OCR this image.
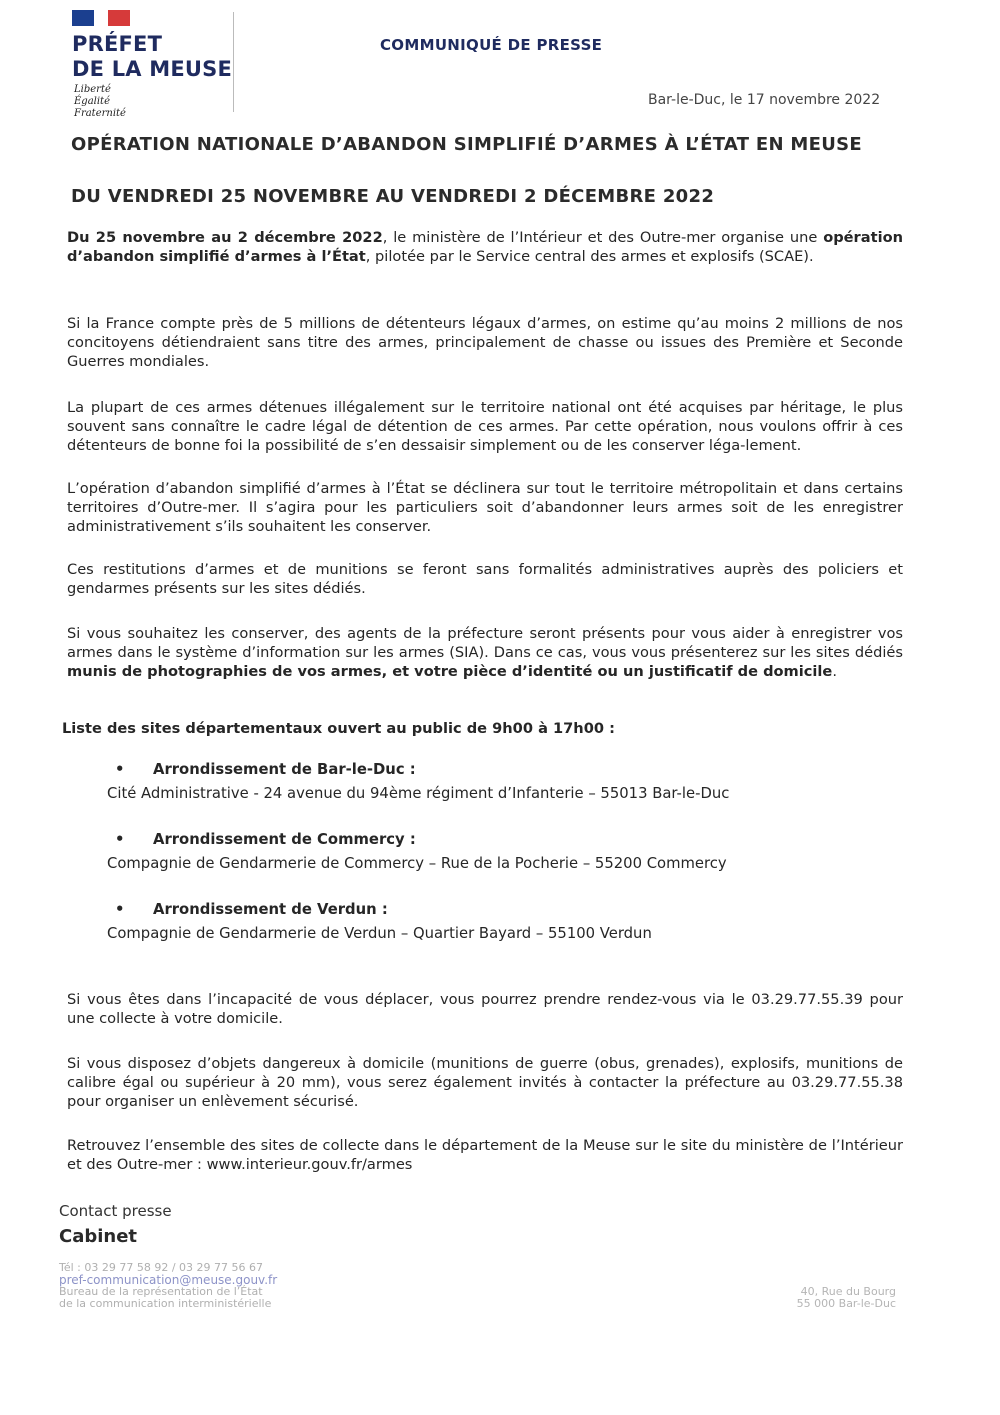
PRÉFET
DE LA MEUSE
Liberté
Égalité
Fraternité
COMMUNIQUÉ DE PRESSE
Bar-le-Duc, le 17 novembre 2022
OPÉRATION NATIONALE D’ABANDON SIMPLIFIÉ D’ARMES À L’ÉTAT EN MEUSE
DU VENDREDI 25 NOVEMBRE AU VENDREDI 2 DÉCEMBRE 2022
Du 25 novembre au 2 décembre 2022, le ministère de l’Intérieur et des Outre-mer organise une opération d’abandon simplifié d’armes à l’État, pilotée par le Service central des armes et explosifs (SCAE).
Si la France compte près de 5 millions de détenteurs légaux d’armes, on estime qu’au moins 2 millions de nos concitoyens détiendraient sans titre des armes, principalement de chasse ou issues des Première et Seconde Guerres mondiales.
La plupart de ces armes détenues illégalement sur le territoire national ont été acquises par héritage, le plus souvent sans connaître le cadre légal de détention de ces armes. Par cette opération, nous voulons offrir à ces détenteurs de bonne foi la possibilité de s’en dessaisir simplement ou de les conserver léga-lement.
L’opération d’abandon simplifié d’armes à l’État se déclinera sur tout le territoire métropolitain et dans certains territoires d’Outre-mer. Il s’agira pour les particuliers soit d’abandonner leurs armes soit de les enregistrer administrativement s’ils souhaitent les conserver.
Ces restitutions d’armes et de munitions se feront sans formalités administratives auprès des policiers et gendarmes présents sur les sites dédiés.
Si vous souhaitez les conserver, des agents de la préfecture seront présents pour vous aider à enregistrer vos armes dans le système d’information sur les armes (SIA). Dans ce cas, vous vous présenterez sur les sites dédiés munis de photographies de vos armes, et votre pièce d’identité ou un justificatif de domicile.
Liste des sites départementaux ouvert au public de 9h00 à 17h00 :
• Arrondissement de Bar-le-Duc :
Cité Administrative - 24 avenue du 94ème régiment d’Infanterie – 55013 Bar-le-Duc
• Arrondissement de Commercy :
Compagnie de Gendarmerie de Commercy – Rue de la Pocherie – 55200 Commercy
• Arrondissement de Verdun :
Compagnie de Gendarmerie de Verdun – Quartier Bayard – 55100 Verdun
Si vous êtes dans l’incapacité de vous déplacer, vous pourrez prendre rendez-vous via le 03.29.77.55.39 pour une collecte à votre domicile.
Si vous disposez d’objets dangereux à domicile (munitions de guerre (obus, grenades), explosifs, munitions de calibre égal ou supérieur à 20 mm), vous serez également invités à contacter la préfecture au 03.29.77.55.38 pour organiser un enlèvement sécurisé.
Retrouvez l’ensemble des sites de collecte dans le département de la Meuse sur le site du ministère de l’Intérieur et des Outre-mer : www.interieur.gouv.fr/armes
Contact presse
Cabinet
Tél : 03 29 77 58 92 / 03 29 77 56 67
pref-communication@meuse.gouv.fr
Bureau de la représentation de l’État
de la communication interministérielle
40, Rue du Bourg
55 000 Bar-le-Duc
